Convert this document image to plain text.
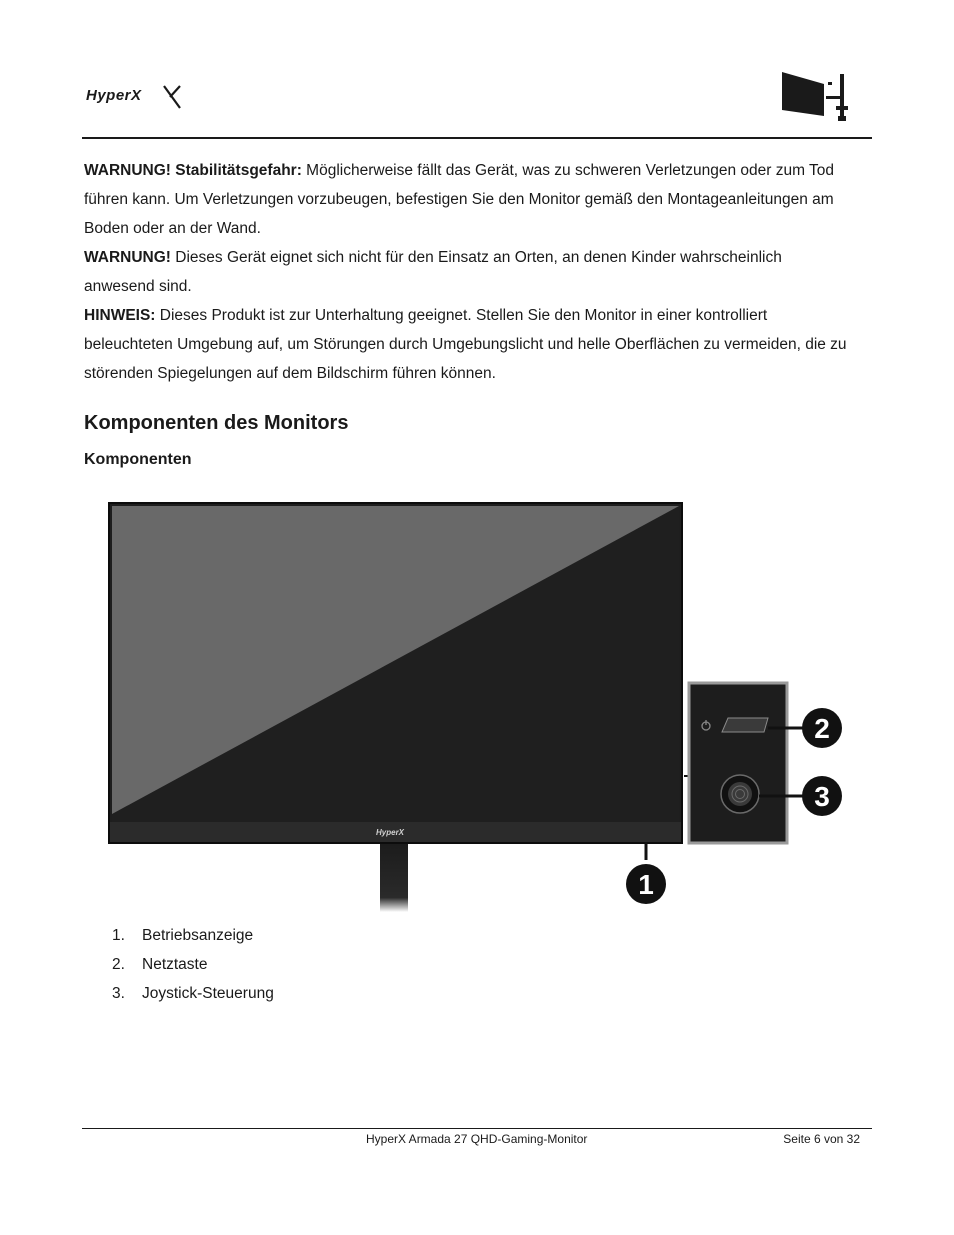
HyperX

WARNUNG! Stabilitätsgefahr: Möglicherweise fällt das Gerät, was zu schweren Verletzungen oder zum Tod führen kann. Um Verletzungen vorzubeugen, befestigen Sie den Monitor gemäß den Montageanleitungen am Boden oder an der Wand.

WARNUNG! Dieses Gerät eignet sich nicht für den Einsatz an Orten, an denen Kinder wahrscheinlich anwesend sind.

HINWEIS: Dieses Produkt ist zur Unterhaltung geeignet. Stellen Sie den Monitor in einer kontrolliert beleuchteten Umgebung auf, um Störungen durch Umgebungslicht und helle Oberflächen zu vermeiden, die zu störenden Spiegelungen auf dem Bildschirm führen können.

Komponenten des Monitors
Komponenten
HyperX
1
2
3
1.	Betriebsanzeige
2.	Netztaste
3.	Joystick-Steuerung
HyperX Armada 27 QHD-Gaming-Monitor	Seite 6 von 32
